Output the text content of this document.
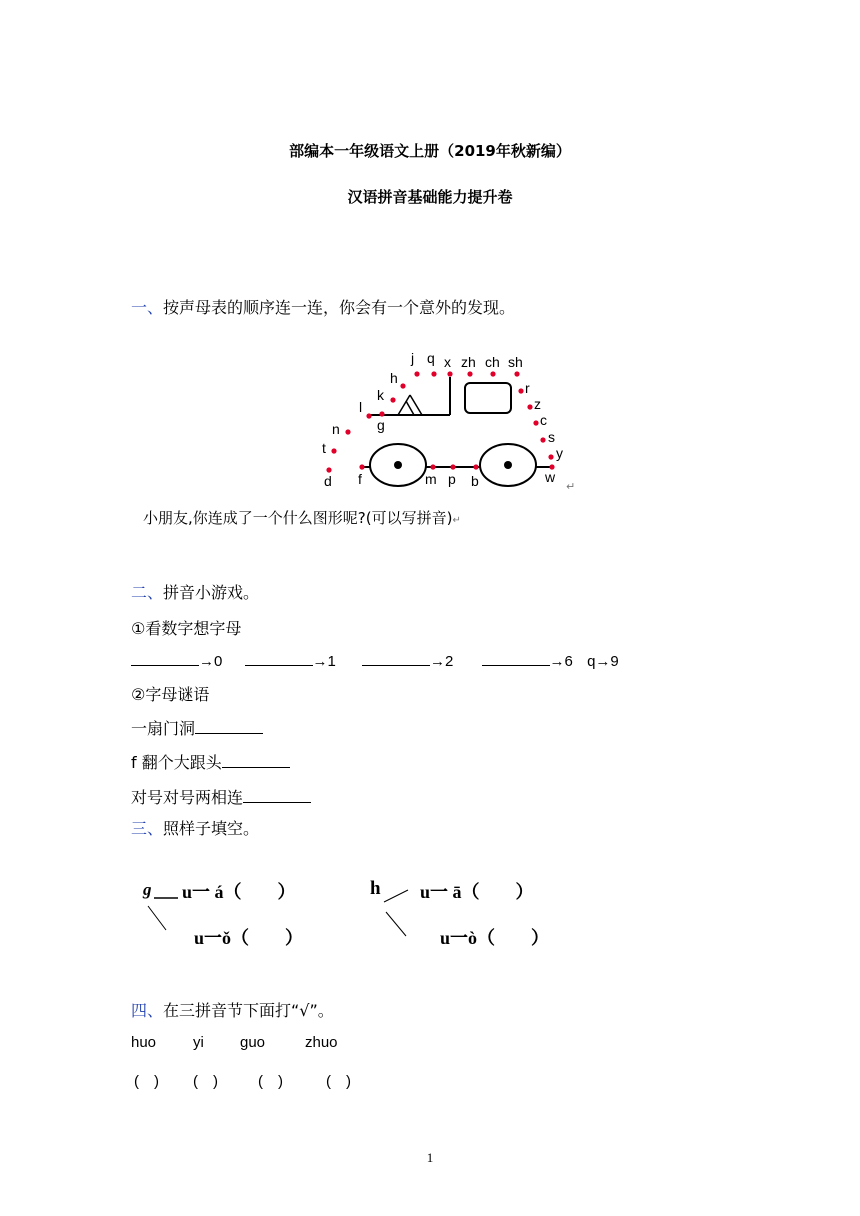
部编本一年级语文上册（2019年秋新编）
汉语拼音基础能力提升卷
一、按声母表的顺序连一连，你会有一个意外的发现。
j q x zh ch sh
h
k
l
g
n
t
d f	m p b	w
r
z
c
s
y
↵
小朋友,你连成了一个什么图形呢?(可以写拼音)↵
二、拼音小游戏。
①看数字想字母
→0	→1	→2	→6 q→9
②字母谜语
一扇门洞
f 翻个大跟头
对号对号两相连
三、照样子填空。
g u一 á（　　）
u一ǒ（　　）
h u一 ā（　　）
u一ò（　　）
四、在三拼音节下面打“√”。
huo yi guo	zhuo
(　) (　)	(　)	(　)
1
